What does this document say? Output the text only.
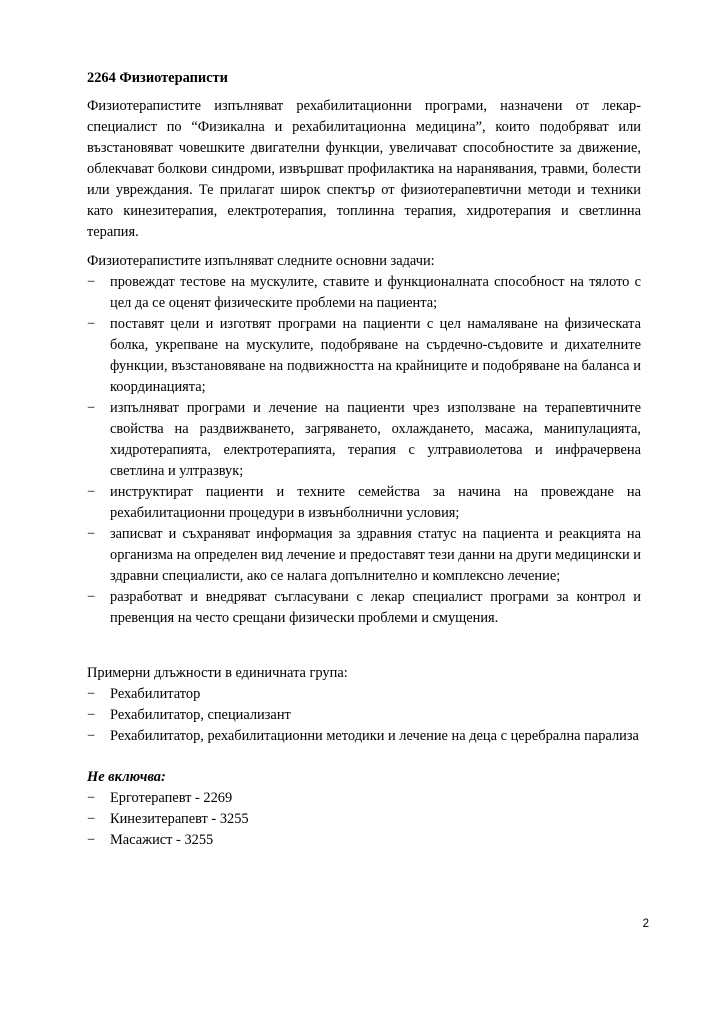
2264 Физиотераписти

Физиотерапистите изпълняват рехабилитационни програми, назначени от лекар-специалист по “Физикална и рехабилитационна медицина”, които подобряват или възстановяват човешките двигателни функции, увеличават способностите за движение, облекчават болкови синдроми, извършват профилактика на наранявания, травми, болести или увреждания. Те прилагат широк спектър от физиотерапевтични методи и техники като кинезитерапия, електротерапия, топлинна терапия, хидротерапия и светлинна терапия.

Физиотерапистите изпълняват следните основни задачи:

− провеждат тестове на мускулите, ставите и функционалната способност на тялото с цел да се оценят физическите проблеми на пациента;
− поставят цели и изготвят програми на пациенти с цел намаляване на физическата болка, укрепване на мускулите, подобряване на сърдечно-съдовите и дихателните функции, възстановяване на подвижността на крайниците и подобряване на баланса и координацията;
− изпълняват програми и лечение на пациенти чрез използване на терапевтичните свойства на раздвижването, загряването, охлаждането, масажа, манипулацията, хидротерапията, електротерапията, терапия с ултравиолетова и инфрачервена светлина и ултразвук;
− инструктират пациенти и техните семейства за начина на провеждане на рехабилитационни процедури в извънболнични условия;
− записват и съхраняват информация за здравния статус на пациента и реакцията на организма на определен вид лечение и предоставят тези данни на други медицински и здравни специалисти, ако се налага допълнително и комплексно лечение;
− разработват и внедряват съгласувани с лекар специалист програми за контрол и превенция на често срещани физически проблеми и смущения.

Примерни длъжности в единичната група:

− Рехабилитатор
− Рехабилитатор, специализант
− Рехабилитатор, рехабилитационни методики и лечение на деца с церебрална парализа

Не включва:

− Ерготерапевт - 2269
− Кинезитерапевт - 3255
− Масажист - 3255
2
